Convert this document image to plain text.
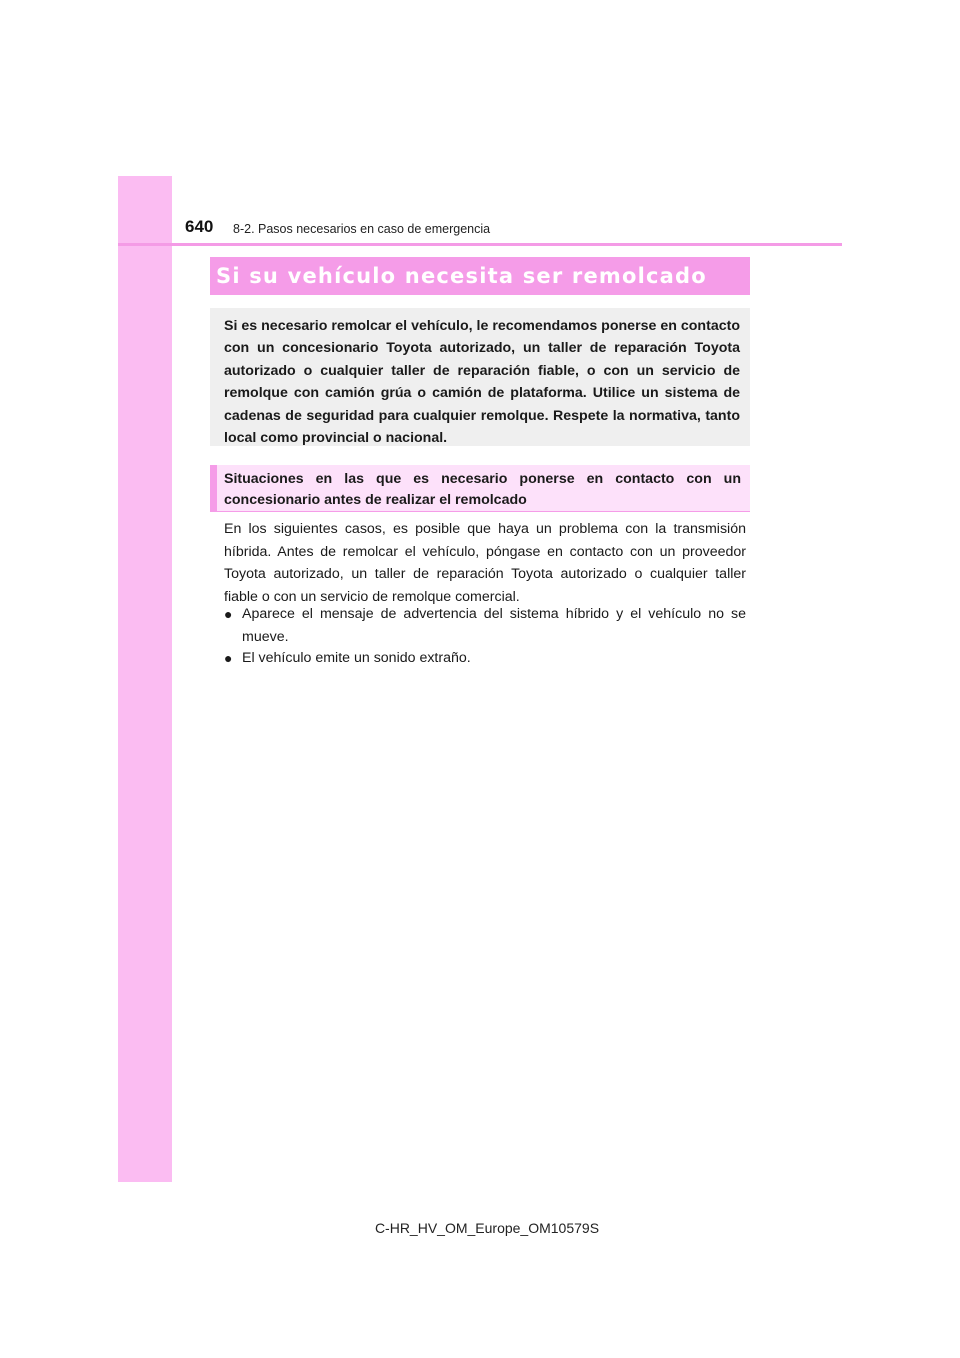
640 8-2. Pasos necesarios en caso de emergencia
Si su vehículo necesita ser remolcado

Si es necesario remolcar el vehículo, le recomendamos ponerse en contacto con un concesionario Toyota autorizado, un taller de reparación Toyota autorizado o cualquier taller de reparación fiable, o con un servicio de remolque con camión grúa o camión de plataforma. Utilice un sistema de cadenas de seguridad para cualquier remolque. Respete la normativa, tanto local como provincial o nacional.

Situaciones en las que es necesario ponerse en contacto con un concesionario antes de realizar el remolcado

En los siguientes casos, es posible que haya un problema con la transmisión híbrida. Antes de remolcar el vehículo, póngase en contacto con un proveedor Toyota autorizado, un taller de reparación Toyota autorizado o cualquier taller fiable o con un servicio de remolque comercial.

● Aparece el mensaje de advertencia del sistema híbrido y el vehículo no se mueve.
● El vehículo emite un sonido extraño.
C-HR_HV_OM_Europe_OM10579S
